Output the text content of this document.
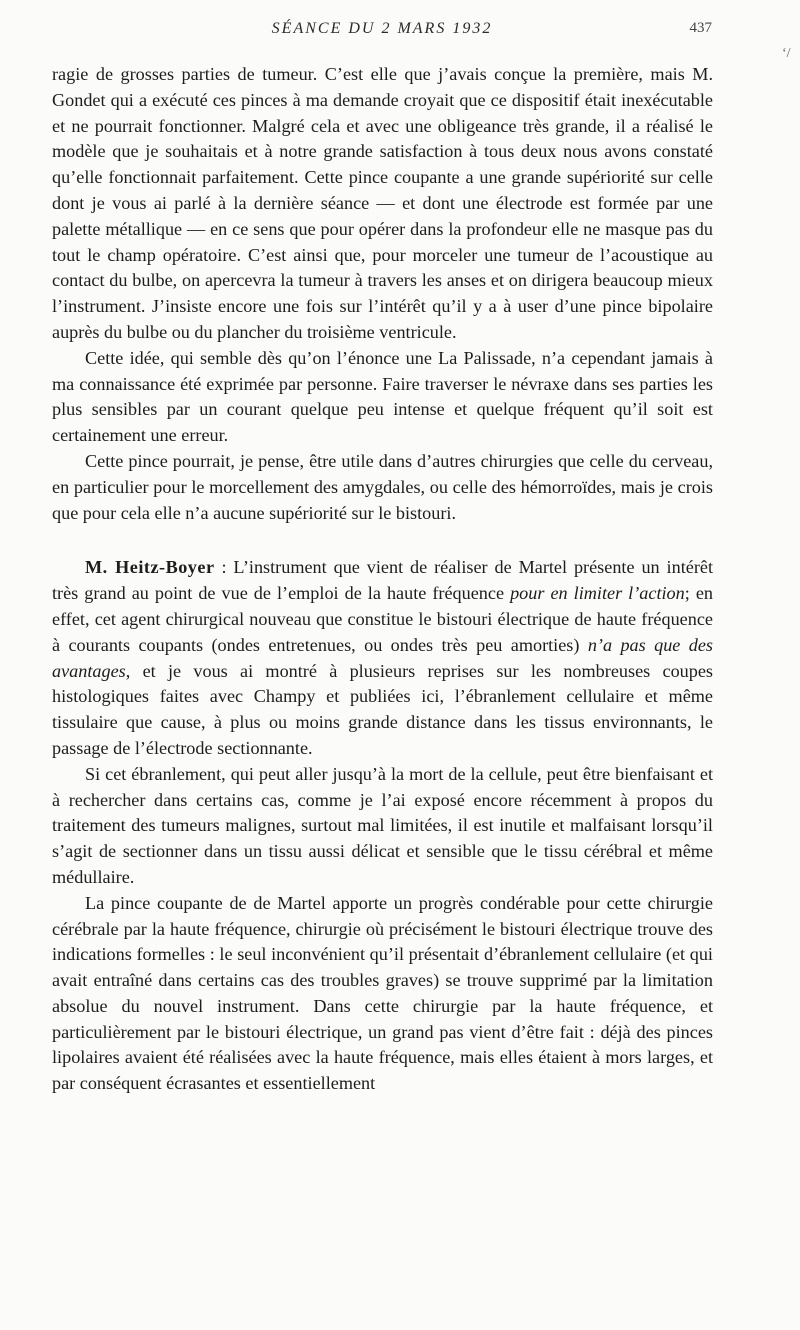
SÉANCE DU 2 MARS 1932	437
‘/

ragie de grosses parties de tumeur. C’est elle que j’avais conçue la première, mais M. Gondet qui a exécuté ces pinces à ma demande croyait que ce dispositif était inexécutable et ne pourrait fonctionner. Malgré cela et avec une obligeance très grande, il a réalisé le modèle que je souhaitais et à notre grande satisfaction à tous deux nous avons constaté qu’elle fonctionnait parfaitement. Cette pince coupante a une grande supériorité sur celle dont je vous ai parlé à la dernière séance — et dont une électrode est formée par une palette métallique — en ce sens que pour opérer dans la profondeur elle ne masque pas du tout le champ opératoire. C’est ainsi que, pour morceler une tumeur de l’acoustique au contact du bulbe, on apercevra la tumeur à travers les anses et on dirigera beaucoup mieux l’instrument. J’insiste encore une fois sur l’intérêt qu’il y a à user d’une pince bipolaire auprès du bulbe ou du plancher du troisième ventricule.

Cette idée, qui semble dès qu’on l’énonce une La Palissade, n’a cependant jamais à ma connaissance été exprimée par personne. Faire traverser le névraxe dans ses parties les plus sensibles par un courant quelque peu intense et quelque fréquent qu’il soit est certainement une erreur.

Cette pince pourrait, je pense, être utile dans d’autres chirurgies que celle du cerveau, en particulier pour le morcellement des amygdales, ou celle des hémorroïdes, mais je crois que pour cela elle n’a aucune supériorité sur le bistouri.

M. Heitz-Boyer : L’instrument que vient de réaliser de Martel présente un intérêt très grand au point de vue de l’emploi de la haute fréquence pour en limiter l’action; en effet, cet agent chirurgical nouveau que constitue le bistouri électrique de haute fréquence à courants coupants (ondes entretenues, ou ondes très peu amorties) n’a pas que des avantages, et je vous ai montré à plusieurs reprises sur les nombreuses coupes histologiques faites avec Champy et publiées ici, l’ébranlement cellulaire et même tissulaire que cause, à plus ou moins grande distance dans les tissus environnants, le passage de l’électrode sectionnante.

Si cet ébranlement, qui peut aller jusqu’à la mort de la cellule, peut être bienfaisant et à rechercher dans certains cas, comme je l’ai exposé encore récemment à propos du traitement des tumeurs malignes, surtout mal limitées, il est inutile et malfaisant lorsqu’il s’agit de sectionner dans un tissu aussi délicat et sensible que le tissu cérébral et même médullaire.

La pince coupante de de Martel apporte un progrès condérable pour cette chirurgie cérébrale par la haute fréquence, chirurgie où précisément le bistouri électrique trouve des indications formelles : le seul inconvénient qu’il présentait d’ébranlement cellulaire (et qui avait entraîné dans certains cas des troubles graves) se trouve supprimé par la limitation absolue du nouvel instrument. Dans cette chirurgie par la haute fréquence, et particulièrement par le bistouri électrique, un grand pas vient d’être fait : déjà des pinces lipolaires avaient été réalisées avec la haute fréquence, mais elles étaient à mors larges, et par conséquent écrasantes et essentiellement
